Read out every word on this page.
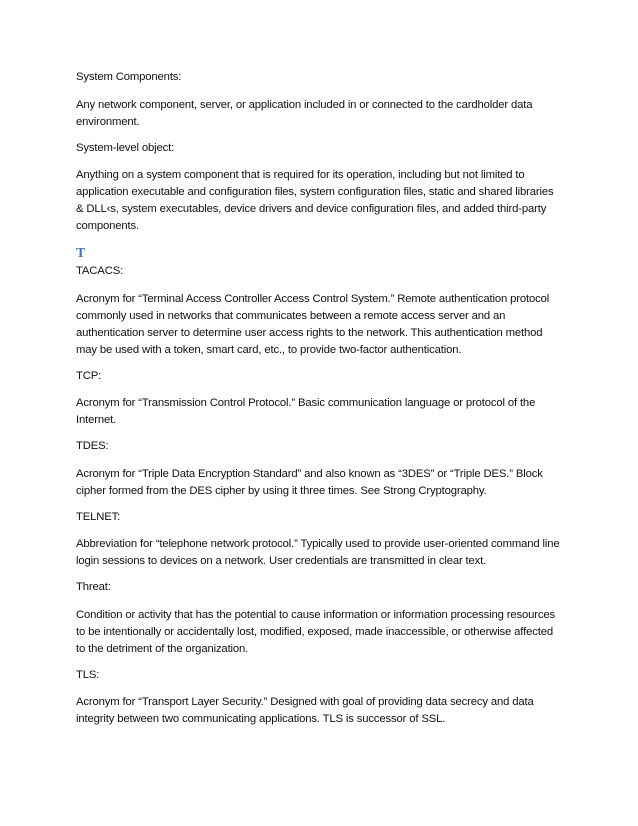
System Components:

Any network component, server, or application included in or connected to the cardholder data environment.

System-level object:

Anything on a system component that is required for its operation, including but not limited to application executable and configuration files, system configuration files, static and shared libraries & DLL‹s, system executables, device drivers and device configuration files, and added third-party components.

T

TACACS:

Acronym for “Terminal Access Controller Access Control System.” Remote authentication protocol commonly used in networks that communicates between a remote access server and an authentication server to determine user access rights to the network. This authentication method may be used with a token, smart card, etc., to provide two-factor authentication.

TCP:

Acronym for “Transmission Control Protocol.” Basic communication language or protocol of the Internet.

TDES:

Acronym for “Triple Data Encryption Standard” and also known as “3DES” or “Triple DES.” Block cipher formed from the DES cipher by using it three times. See Strong Cryptography.

TELNET:

Abbreviation for “telephone network protocol.” Typically used to provide user-oriented command line login sessions to devices on a network. User credentials are transmitted in clear text.

Threat:

Condition or activity that has the potential to cause information or information processing resources to be intentionally or accidentally lost, modified, exposed, made inaccessible, or otherwise affected to the detriment of the organization.

TLS:

Acronym for “Transport Layer Security.” Designed with goal of providing data secrecy and data integrity between two communicating applications. TLS is successor of SSL.
